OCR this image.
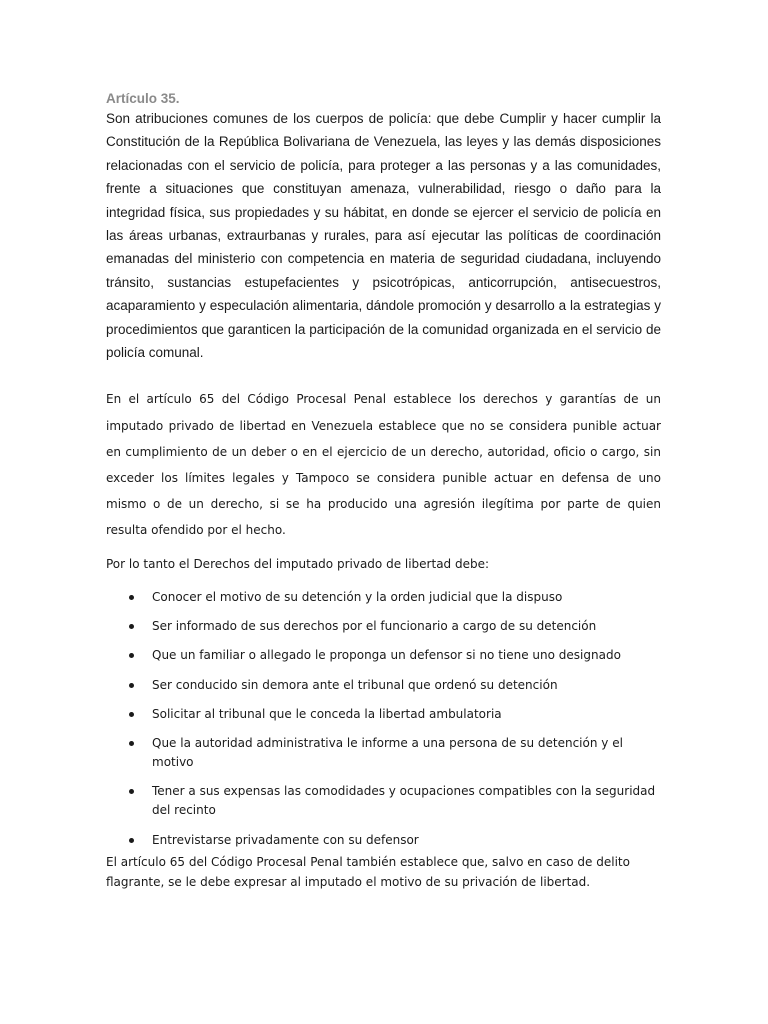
Artículo 35.

Son atribuciones comunes de los cuerpos de policía: que debe Cumplir y hacer cumplir la Constitución de la República Bolivariana de Venezuela, las leyes y las demás disposiciones relacionadas con el servicio de policía, para proteger a las personas y a las comunidades, frente a situaciones que constituyan amenaza, vulnerabilidad, riesgo o daño para la integridad física, sus propiedades y su hábitat, en donde se ejercer el servicio de policía en las áreas urbanas, extraurbanas y rurales, para así ejecutar las políticas de coordinación emanadas del ministerio con competencia en materia de seguridad ciudadana, incluyendo tránsito, sustancias estupefacientes y psicotrópicas, anticorrupción, antisecuestros, acaparamiento y especulación alimentaria, dándole promoción y desarrollo a la estrategias y procedimientos que garanticen la participación de la comunidad organizada en el servicio de policía comunal.

En el artículo 65 del Código Procesal Penal establece los derechos y garantías de un imputado privado de libertad en Venezuela establece que no se considera punible actuar en cumplimiento de un deber o en el ejercicio de un derecho, autoridad, oficio o cargo, sin exceder los límites legales y Tampoco se considera punible actuar en defensa de uno mismo o de un derecho, si se ha producido una agresión ilegítima por parte de quien resulta ofendido por el hecho.

Por lo tanto el Derechos del imputado privado de libertad debe:

Conocer el motivo de su detención y la orden judicial que la dispuso
Ser informado de sus derechos por el funcionario a cargo de su detención
Que un familiar o allegado le proponga un defensor si no tiene uno designado
Ser conducido sin demora ante el tribunal que ordenó su detención
Solicitar al tribunal que le conceda la libertad ambulatoria
Que la autoridad administrativa le informe a una persona de su detención y el motivo
Tener a sus expensas las comodidades y ocupaciones compatibles con la seguridad del recinto
Entrevistarse privadamente con su defensor

El artículo 65 del Código Procesal Penal también establece que, salvo en caso de delito flagrante, se le debe expresar al imputado el motivo de su privación de libertad.
